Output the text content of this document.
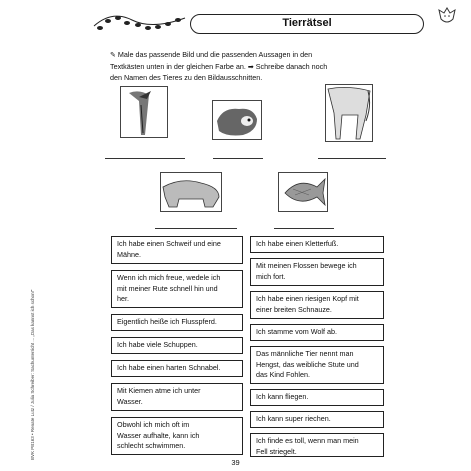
Tierrätsel
✎ Male das passende Bild und die passenden Aussagen in den
Textkästen unten in der gleichen Farbe an. ➡ Schreibe danach noch
den Namen des Tieres zu den Bildausschnitten.
Ich habe einen Schweif und eine
Mähne.
Wenn ich mich freue, wedele ich
mit meiner Rute schnell hin und
her.
Eigentlich heiße ich Flusspferd.
Ich habe viele Schuppen.
Ich habe einen harten Schnabel.
Mit Kiemen atme ich unter
Wasser.
Obwohl ich mich oft im
Wasser aufhalte, kann ich
schlecht schwimmen.
Ich habe einen Kletterfuß.
Mit meinen Flossen bewege ich
mich fort.
Ich habe einen riesigen Kopf mit
einer breiten Schnauze.
Ich stamme vom Wolf ab.
Das männliche Tier nennt man
Hengst, das weibliche Stute und
das Kind Fohlen.
Ich kann fliegen.
Ich kann super riechen.
Ich finde es toll, wenn man mein
Fell striegelt.
BVK PB163 • Renate Lutz / Julia Schreiber: Sachunterricht ... „Das kannst ich schon!“
39
